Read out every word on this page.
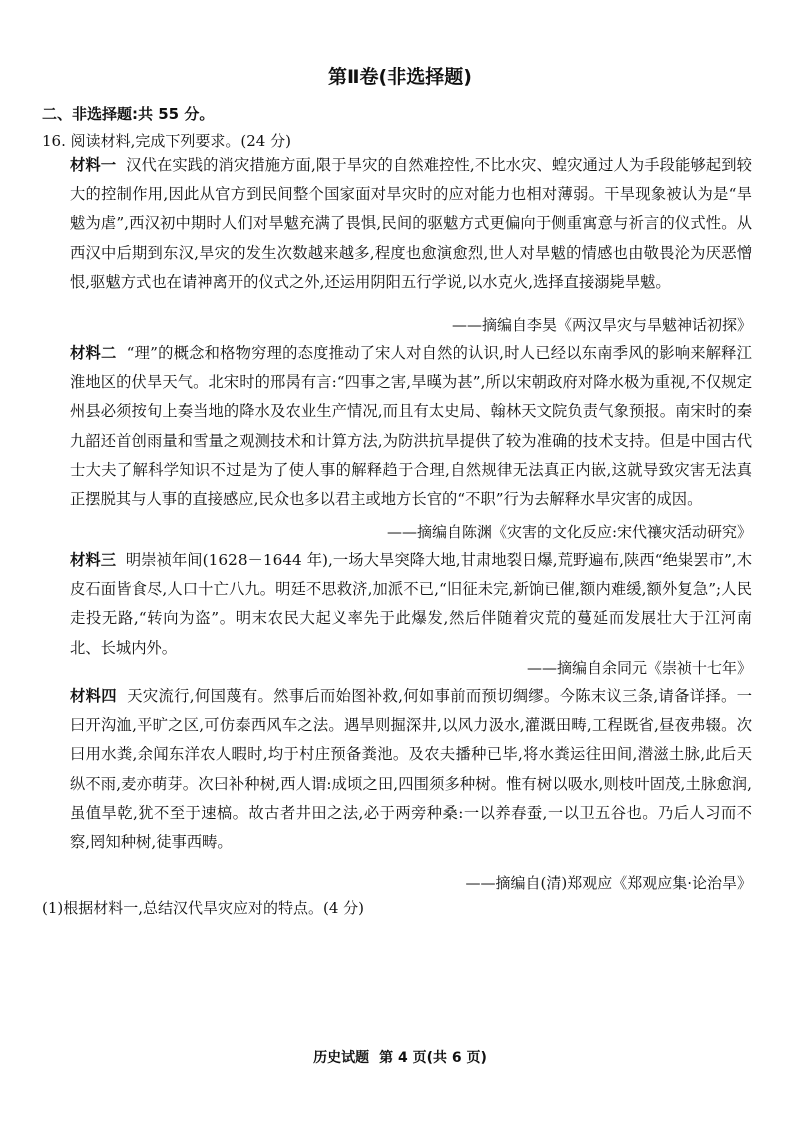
第Ⅱ卷(非选择题)
二、非选择题:共 55 分。
16. 阅读材料,完成下列要求。(24 分)
材料一 汉代在实践的消灾措施方面,限于旱灾的自然难控性,不比水灾、蝗灾通过人为手段能够起到较大的控制作用,因此从官方到民间整个国家面对旱灾时的应对能力也相对薄弱。干旱现象被认为是“旱魃为虐”,西汉初中期时人们对旱魃充满了畏惧,民间的驱魃方式更偏向于侧重寓意与祈言的仪式性。从西汉中后期到东汉,旱灾的发生次数越来越多,程度也愈演愈烈,世人对旱魃的情感也由敬畏沦为厌恶憎恨,驱魃方式也在请神离开的仪式之外,还运用阴阳五行学说,以水克火,选择直接溺毙旱魃。
——摘编自李昊《两汉旱灾与旱魃神话初探》
材料二 “理”的概念和格物穷理的态度推动了宋人对自然的认识,时人已经以东南季风的影响来解释江淮地区的伏旱天气。北宋时的邢昺有言:“四事之害,旱暵为甚”,所以宋朝政府对降水极为重视,不仅规定州县必须按旬上奏当地的降水及农业生产情况,而且有太史局、翰林天文院负责气象预报。南宋时的秦九韶还首创雨量和雪量之观测技术和计算方法,为防洪抗旱提供了较为准确的技术支持。但是中国古代士大夫了解科学知识不过是为了使人事的解释趋于合理,自然规律无法真正内嵌,这就导致灾害无法真正摆脱其与人事的直接感应,民众也多以君主或地方长官的“不职”行为去解释水旱灾害的成因。
——摘编自陈渊《灾害的文化反应:宋代禳灾活动研究》
材料三 明崇祯年间(1628－1644 年),一场大旱突降大地,甘肃地裂日爆,荒野遍布,陕西“绝粜罢市”,木皮石面皆食尽,人口十亡八九。明廷不思救济,加派不已,“旧征未完,新饷已催,额内难缓,额外复急”;人民走投无路,“转向为盗”。明末农民大起义率先于此爆发,然后伴随着灾荒的蔓延而发展壮大于江河南北、长城内外。
——摘编自余同元《崇祯十七年》
材料四 天灾流行,何国蔑有。然事后而始图补救,何如事前而预切绸缪。今陈末议三条,请备详择。一曰开沟洫,平旷之区,可仿泰西风车之法。遇旱则掘深井,以风力汲水,灌溉田畴,工程既省,昼夜弗辍。次曰用水粪,余闻东洋农人暇时,均于村庄预备粪池。及农夫播种已毕,将水粪运往田间,潜滋土脉,此后天纵不雨,麦亦萌芽。次曰补种树,西人谓:成顷之田,四围须多种树。惟有树以吸水,则枝叶固茂,土脉愈润,虽值旱乾,犹不至于速槁。故古者井田之法,必于两旁种桑:一以养春蚕,一以卫五谷也。乃后人习而不察,罔知种树,徒事西畴。
——摘编自(清)郑观应《郑观应集·论治旱》
(1)根据材料一,总结汉代旱灾应对的特点。(4 分)
历史试题 第 4 页(共 6 页)
